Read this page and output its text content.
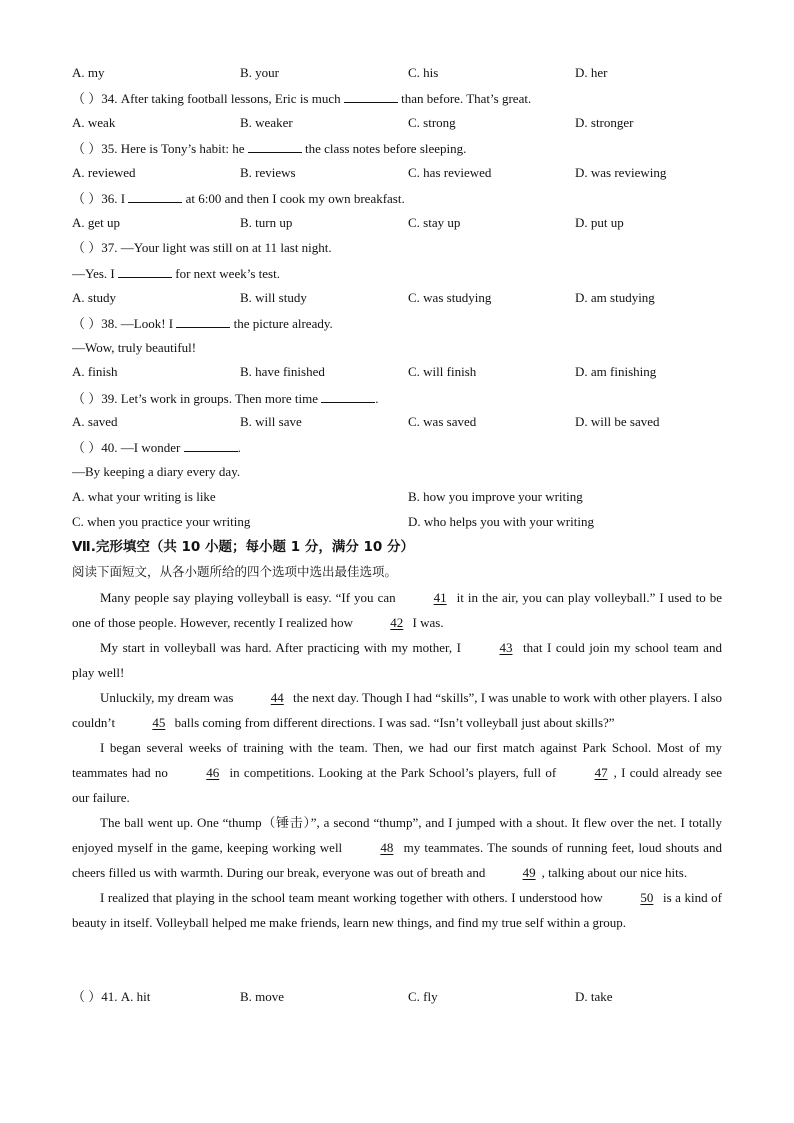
A. my	B. your	C. his	D. her
（ ）34. After taking football lessons, Eric is much	than before. That’s great.
A. weak	B. weaker	C. strong	D. stronger
（ ）35. Here is Tony’s habit: he	the class notes before sleeping.
A. reviewed	B. reviews	C. has reviewed	D. was reviewing
（ ）36. I	at 6:00 and then I cook my own breakfast.
A. get up	B. turn up	C. stay up	D. put up
（ ）37. —Your light was still on at 11 last night.
—Yes. I	for next week’s test.
A. study	B. will study	C. was studying	D. am studying
（ ）38. —Look! I	the picture already.
—Wow, truly beautiful!
A. finish	B. have finished	C. will finish	D. am finishing
（ ）39. Let’s work in groups. Then more time	.
A. saved	B. will save	C. was saved	D. will be saved
（ ）40. —I wonder	.
—By keeping a diary every day.
A. what your writing is like	B. how you improve your writing
C. when you practice your writing	D. who helps you with your writing
Ⅶ.完形填空（共 10 小题；每小题 1 分，满分 10 分）
阅读下面短文，从各小题所给的四个选项中选出最佳选项。

Many people say playing volleyball is easy. “If you can	41 it in the air, you can play volleyball.” I used to be one of those people. However, recently I realized how	42 I was.

My start in volleyball was hard. After practicing with my mother, I	43 that I could join my school team and play well!

Unluckily, my dream was	44 the next day. Though I had “skills”, I was unable to work with other players. I also couldn’t	45 balls coming from different directions. I was sad. “Isn’t volleyball just about skills?”

I began several weeks of training with the team. Then, we had our first match against Park School. Most of my teammates had no	46 in competitions. Looking at the Park School’s players, full of	47 , I could already see our failure.

The ball went up. One “thump（锤击）”, a second “thump”, and I jumped with a shout. It flew over the net. I totally enjoyed myself in the game, keeping working well	48 my teammates. The sounds of running feet, loud shouts and cheers filled us with warmth. During our break, everyone was out of breath and	49 , talking about our nice hits.

I realized that playing in the school team meant working together with others. I understood how	50 is a kind of beauty in itself. Volleyball helped me make friends, learn new things, and find my true self within a group.

（ ）41. A. hit	B. move	C. fly	D. take
